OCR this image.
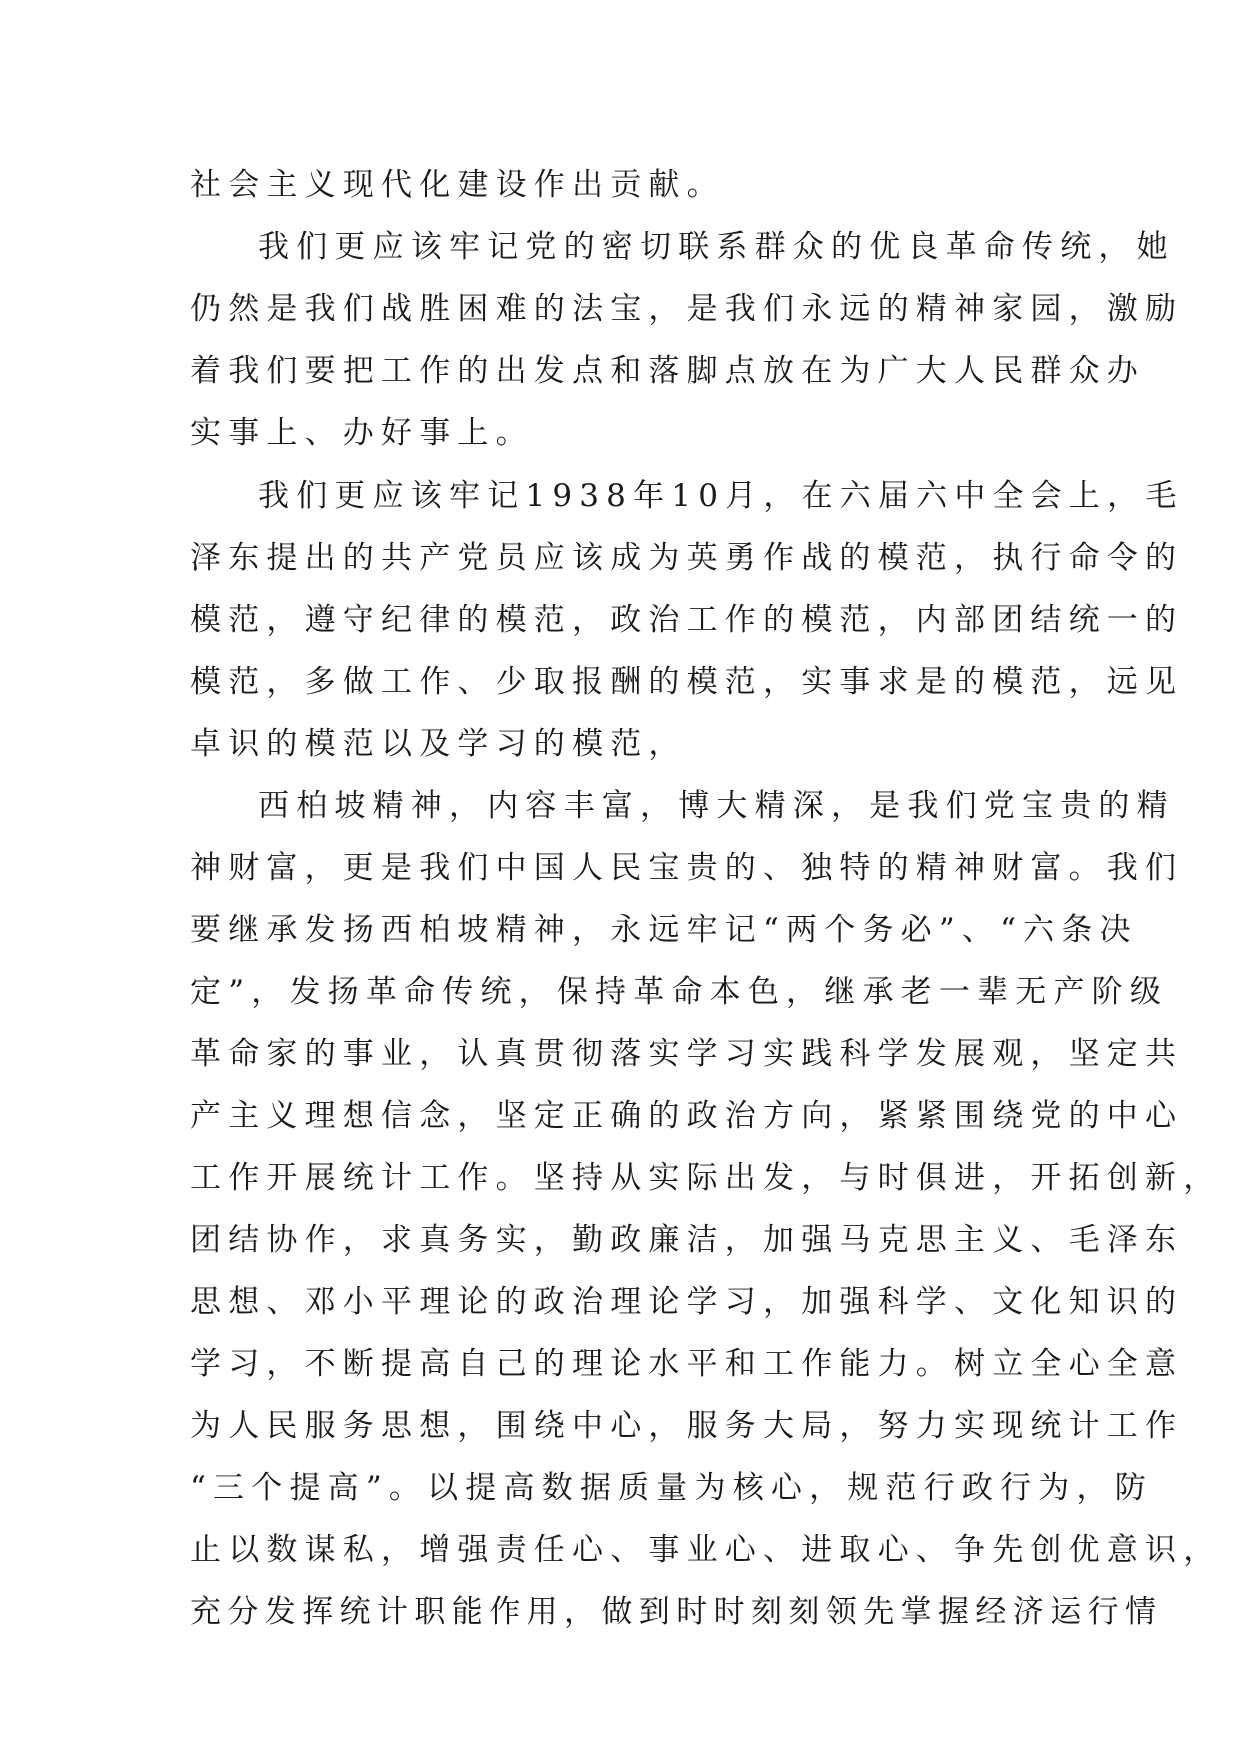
社会主义现代化建设作出贡献。
我们更应该牢记党的密切联系群众的优良革命传统，她
仍然是我们战胜困难的法宝，是我们永远的精神家园，激励
着我们要把工作的出发点和落脚点放在为广大人民群众办
实事上、办好事上。
我们更应该牢记1938年10月，在六届六中全会上，毛
泽东提出的共产党员应该成为英勇作战的模范，执行命令的
模范，遵守纪律的模范，政治工作的模范，内部团结统一的
模范，多做工作、少取报酬的模范，实事求是的模范，远见
卓识的模范以及学习的模范，
西柏坡精神，内容丰富，博大精深，是我们党宝贵的精
神财富，更是我们中国人民宝贵的、独特的精神财富。我们
要继承发扬西柏坡精神，永远牢记“两个务必”、“六条决
定”，发扬革命传统，保持革命本色，继承老一辈无产阶级
革命家的事业，认真贯彻落实学习实践科学发展观，坚定共
产主义理想信念，坚定正确的政治方向，紧紧围绕党的中心
工作开展统计工作。坚持从实际出发，与时俱进，开拓创新，
团结协作，求真务实，勤政廉洁，加强马克思主义、毛泽东
思想、邓小平理论的政治理论学习，加强科学、文化知识的
学习，不断提高自己的理论水平和工作能力。树立全心全意
为人民服务思想，围绕中心，服务大局，努力实现统计工作
“三个提高”。以提高数据质量为核心，规范行政行为，防
止以数谋私，增强责任心、事业心、进取心、争先创优意识，
充分发挥统计职能作用，做到时时刻刻领先掌握经济运行情
